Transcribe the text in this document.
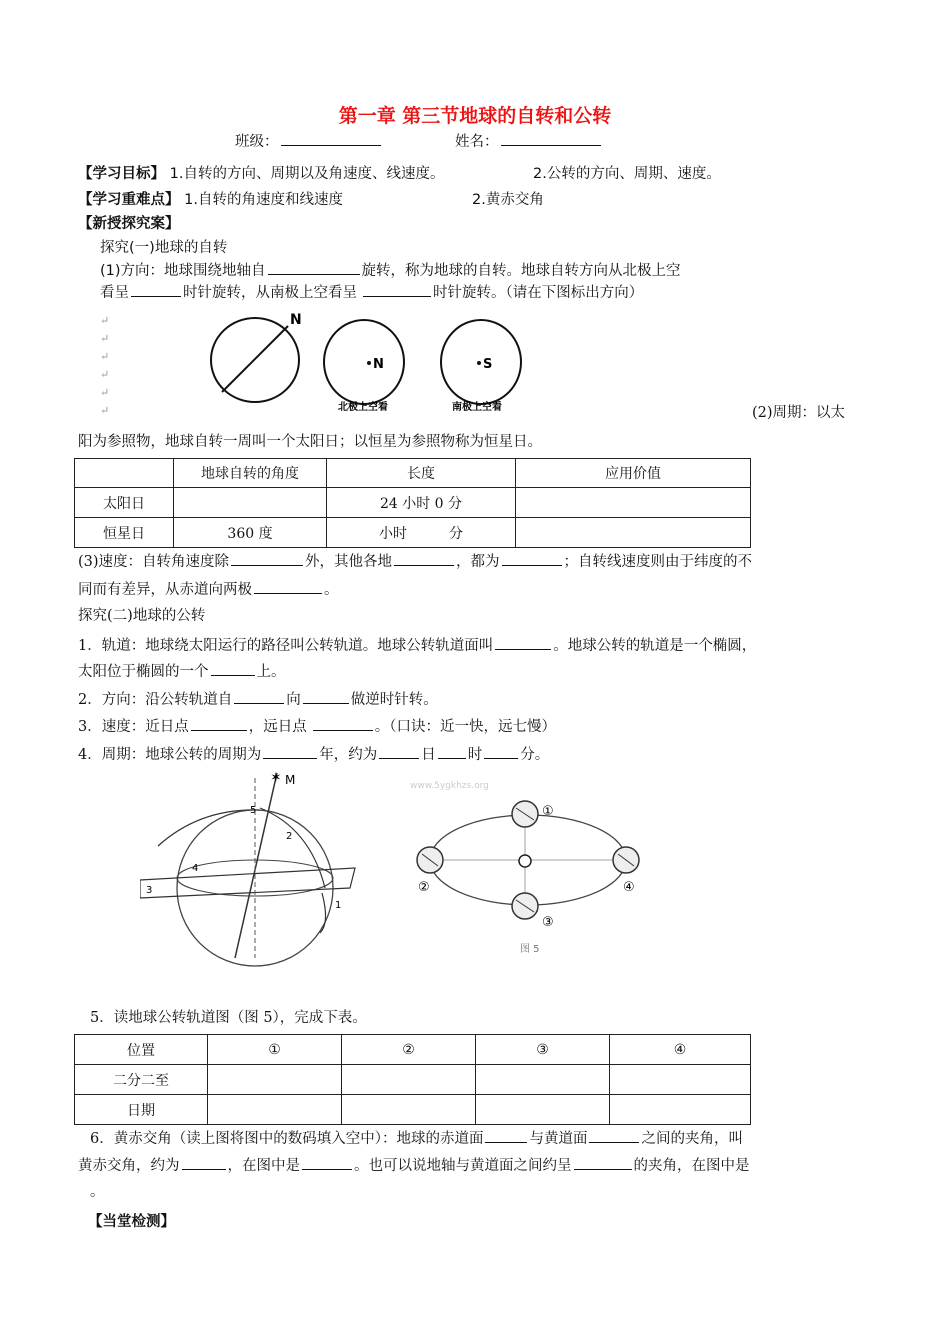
第一章 第三节地球的自转和公转
班级：	姓名：
【学习目标】 1.自转的方向、周期以及角速度、线速度。	2.公转的方向、周期、速度。
【学习重难点】 1.自转的角速度和线速度	2.黄赤交角
【新授探究案】
探究(一)地球的自转
(1)方向：地球围绕地轴自	旋转，称为地球的自转。地球自转方向从北极上空
看呈	时针旋转，从南极上空看呈	时针旋转。（请在下图标出方向）
↵
↵
↵
↵
↵
↵
N
N	S
北极上空看	南极上空看	(2)周期：以太
阳为参照物，地球自转一周叫一个太阳日；以恒星为参照物称为恒星日。
	地球自转的角度	长度	应用价值
太阳日		24 小时 0 分	
恒星日	360 度	小时 分	
(3)速度：自转角速度除	外，其他各地	，都为	；自转线速度则由于纬度的不
同而有差异，从赤道向两极	。
探究(二)地球的公转
1．轨道：地球绕太阳运行的路径叫公转轨道。地球公转轨道面叫	。地球公转的轨道是一个椭圆，
太阳位于椭圆的一个	上。
2．方向：沿公转轨道自	向	做逆时针转。
3．速度：近日点	，远日点	。（口诀：近一快，远七慢）
4．周期：地球公转的周期为	年，约为	日 时	分。
www.5ygkhzs.org
✶ M
5
4
2
3
1
①
②
③
④
图 5
5．读地球公转轨道图（图 5），完成下表。
位置	①	②	③	④
二分二至				
日期				
6．黄赤交角（读上图将图中的数码填入空中）：地球的赤道面	与黄道面	之间的夹角，叫
黄赤交角，约为	，在图中是	。也可以说地轴与黄道面之间约呈	的夹角，在图中是
。
【当堂检测】
